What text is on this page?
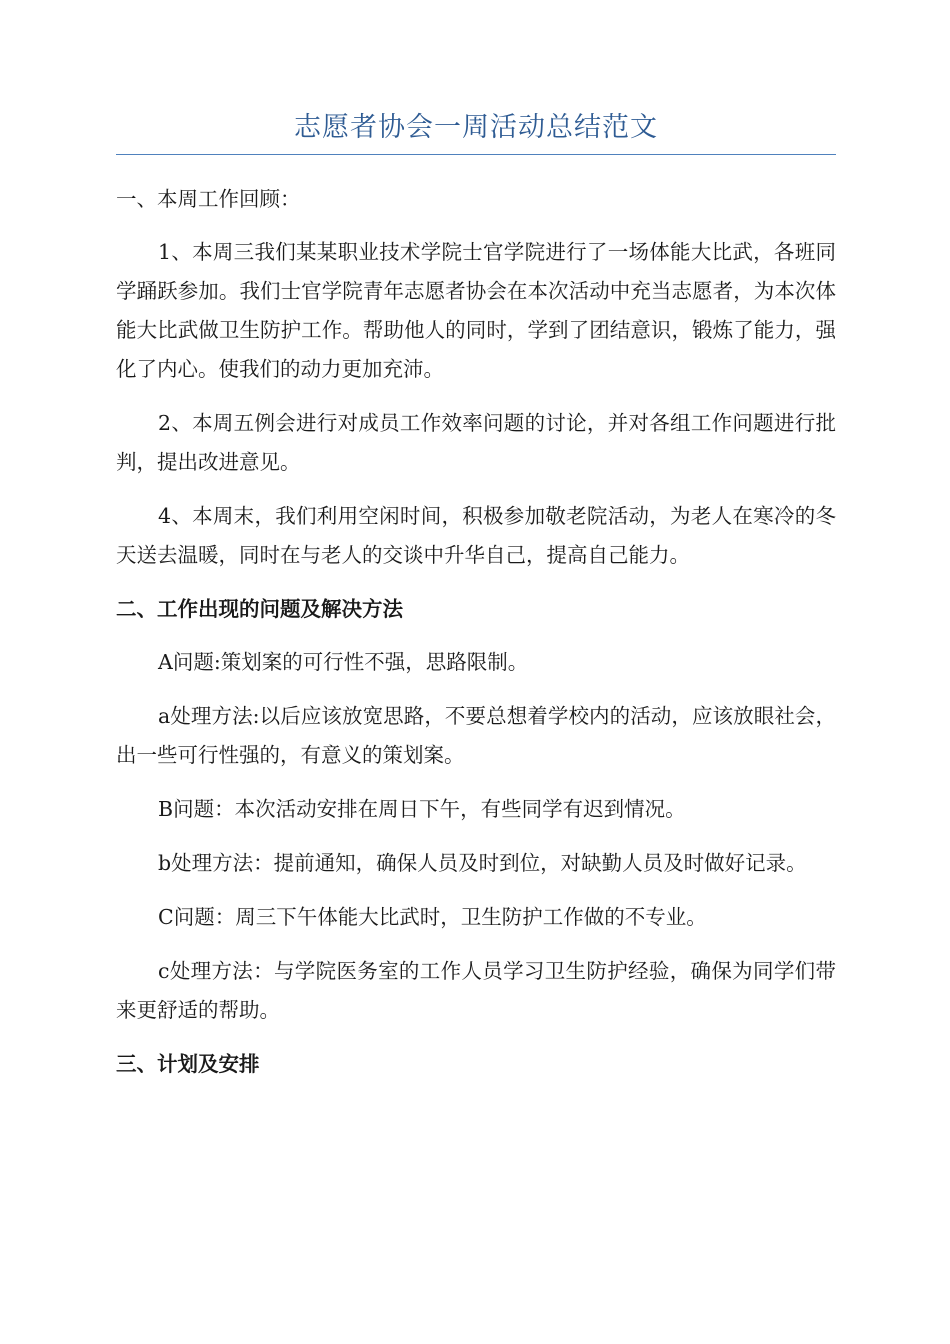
志愿者协会一周活动总结范文

一、本周工作回顾：

1、本周三我们某某职业技术学院士官学院进行了一场体能大比武，各班同学踊跃参加。我们士官学院青年志愿者协会在本次活动中充当志愿者，为本次体能大比武做卫生防护工作。帮助他人的同时，学到了团结意识，锻炼了能力，强化了内心。使我们的动力更加充沛。

2、本周五例会进行对成员工作效率问题的讨论，并对各组工作问题进行批判，提出改进意见。

4、本周末，我们利用空闲时间，积极参加敬老院活动，为老人在寒冷的冬天送去温暖，同时在与老人的交谈中升华自己，提高自己能力。

二、工作出现的问题及解决方法

A问题:策划案的可行性不强，思路限制。

a处理方法:以后应该放宽思路，不要总想着学校内的活动，应该放眼社会，出一些可行性强的，有意义的策划案。

B问题：本次活动安排在周日下午，有些同学有迟到情况。

b处理方法：提前通知，确保人员及时到位，对缺勤人员及时做好记录。

C问题：周三下午体能大比武时，卫生防护工作做的不专业。

c处理方法：与学院医务室的工作人员学习卫生防护经验，确保为同学们带来更舒适的帮助。

三、计划及安排
